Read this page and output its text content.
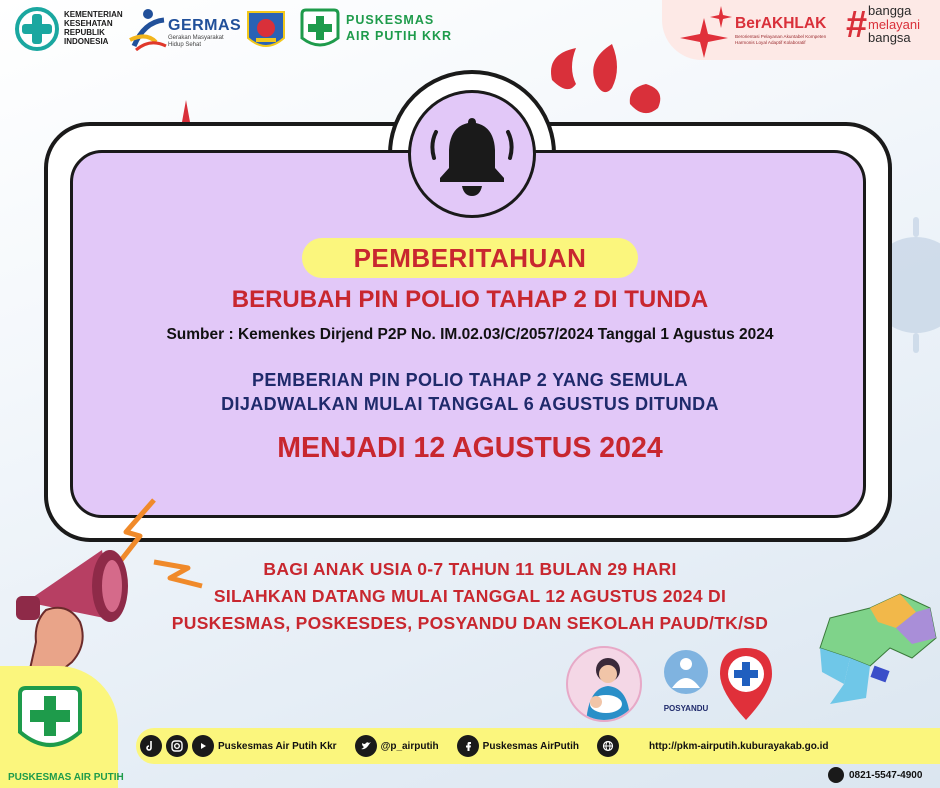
KEMENTERIAN
KESEHATAN
REPUBLIK
INDONESIA
GERMAS
Gerakan Masyarakat Hidup Sehat
PUSKESMAS
AIR PUTIH KKR
BerAKHLAK
Berorientasi Pelayanan Akuntabel Kompeten Harmonis Loyal Adaptif Kolaboratif	# bangga
melayani
bangsa
PEMBERITAHUAN
BERUBAH PIN POLIO TAHAP 2 DI TUNDA
Sumber : Kemenkes Dirjend P2P No. IM.02.03/C/2057/2024 Tanggal 1 Agustus 2024
PEMBERIAN PIN POLIO TAHAP 2 YANG SEMULA
DIJADWALKAN MULAI TANGGAL 6 AGUSTUS DITUNDA
MENJADI 12 AGUSTUS 2024
BAGI ANAK USIA 0-7 TAHUN 11 BULAN 29 HARI
SILAHKAN DATANG MULAI TANGGAL 12 AGUSTUS 2024 DI
PUSKESMAS, POSKESDES, POSYANDU DAN SEKOLAH PAUD/TK/SD
POSYANDU
PUSKESMAS AIR PUTIH
Puskesmas Air Putih Kkr	@p_airputih	Puskesmas AirPutih	http://pkm-airputih.kuburayakab.go.id
0821-5547-4900
